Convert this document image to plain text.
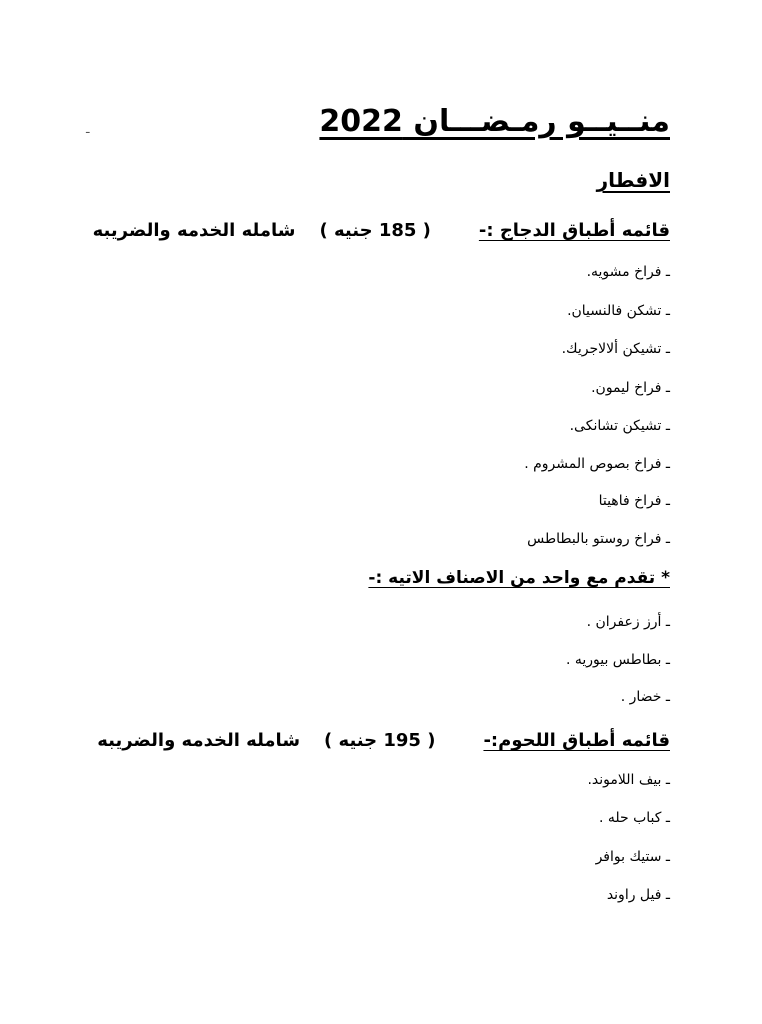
منــيــو رمـضـــان 2022
ـ
الافطار
قائمه أطباق الدجاج :-( 185 جنيه )شامله الخدمه والضريبه
ـ فراخ مشويه.
ـ تشكن فالنسيان.
ـ تشيكن ألالاجريك.
ـ فراخ ليمون.
ـ تشيكن تشانكى.
ـ فراخ بصوص المشروم .
ـ فراخ فاهيتا
ـ فراخ روستو بالبطاطس
* تقدم مع واحد من الاصناف الاتيه :-
ـ أرز زعفران .
ـ بطاطس بيوريه .
ـ خضار .
قائمه أطباق اللحوم:-( 195 جنيه )شامله الخدمه والضريبه
ـ بيف اللاموند.
ـ كباب حله .
ـ ستيك بوافر
ـ فيل راوند
